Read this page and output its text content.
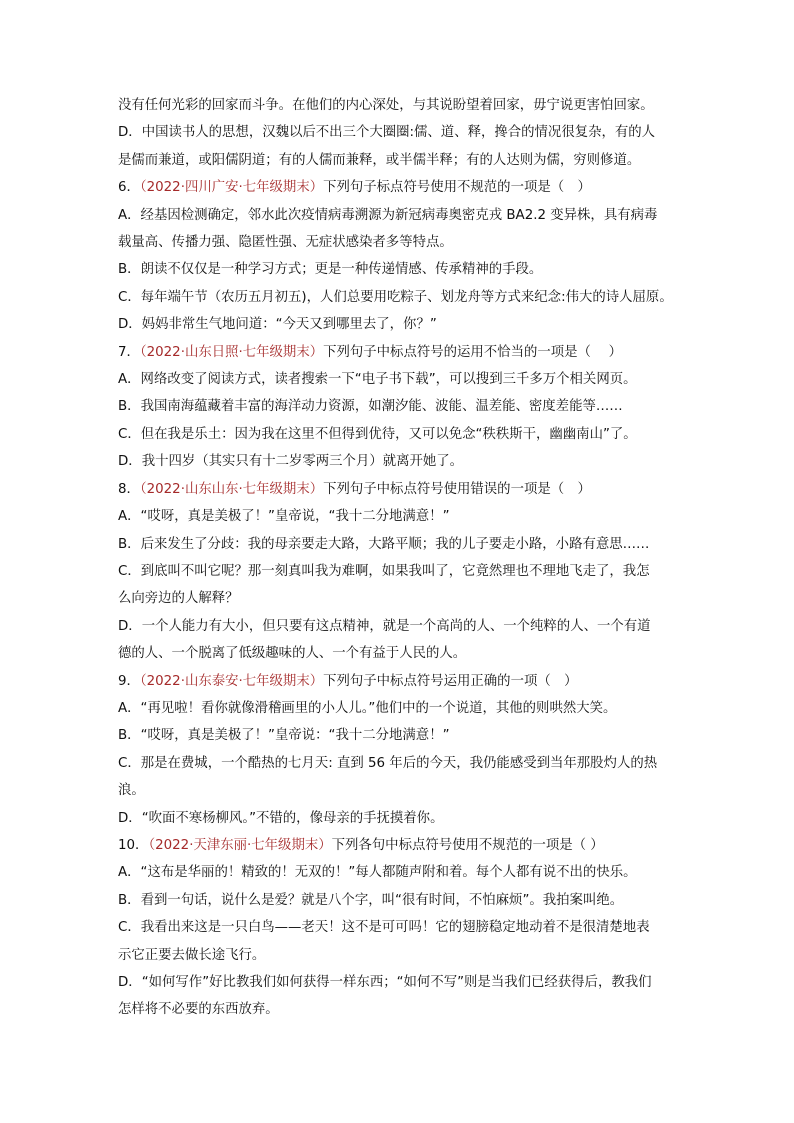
没有任何光彩的回家而斗争。在他们的内心深处，与其说盼望着回家，毋宁说更害怕回家。
D．中国读书人的思想，汉魏以后不出三个大圈圈:儒、道、释，搀合的情况很复杂，有的人
是儒而兼道，或阳儒阴道；有的人儒而兼释，或半儒半释；有的人达则为儒，穷则修道。
6．（2022·四川广安·七年级期末）下列句子标点符号使用不规范的一项是（　）
A．经基因检测确定，邻水此次疫情病毒溯源为新冠病毒奥密克戎 BA2.2 变异株，具有病毒
载量高、传播力强、隐匿性强、无症状感染者多等特点。
B．朗读不仅仅是一种学习方式；更是一种传递情感、传承精神的手段。
C．每年端午节（农历五月初五)，人们总要用吃粽子、划龙舟等方式来纪念:伟大的诗人屈原。
D．妈妈非常生气地问道：“今天又到哪里去了，你？”
7．（2022·山东日照·七年级期末）下列句子中标点符号的运用不恰当的一项是（　 ）
A．网络改变了阅读方式，读者搜索一下“电子书下载”，可以搜到三千多万个相关网页。
B．我国南海蕴藏着丰富的海洋动力资源，如潮汐能、波能、温差能、密度差能等……
C．但在我是乐土：因为我在这里不但得到优待，又可以免念“秩秩斯干，幽幽南山”了。
D．我十四岁（其实只有十二岁零两三个月）就离开她了。
8．（2022·山东山东·七年级期末）下列句子中标点符号使用错误的一项是（　）
A．“哎呀，真是美极了！”皇帝说，“我十二分地满意！”
B．后来发生了分歧：我的母亲要走大路，大路平顺；我的儿子要走小路，小路有意思……
C．到底叫不叫它呢？那一刻真叫我为难啊，如果我叫了，它竟然理也不理地飞走了，我怎
么向旁边的人解释？
D．一个人能力有大小，但只要有这点精神，就是一个高尚的人、一个纯粹的人、一个有道
德的人、一个脱离了低级趣味的人、一个有益于人民的人。
9．（2022·山东泰安·七年级期末）下列句子中标点符号运用正确的一项（　）
A．“再见啦！看你就像滑稽画里的小人儿。”他们中的一个说道，其他的则哄然大笑。
B．“哎呀，真是美极了！”皇帝说：“我十二分地满意！”
C．那是在费城，一个酷热的七月天: 直到 56 年后的今天，我仍能感受到当年那股灼人的热
浪。
D．“吹面不寒杨柳风。”不错的，像母亲的手抚摸着你。
10．（2022·天津东丽·七年级期末）下列各句中标点符号使用不规范的一项是（ ）
A．“这布是华丽的！精致的！无双的！”每人都随声附和着。每个人都有说不出的快乐。
B．看到一句话，说什么是爱？就是八个字，叫“很有时间，不怕麻烦”。我拍案叫绝。
C．我看出来这是一只白鸟——老天！这不是可可吗！它的翅膀稳定地动着不是很清楚地表
示它正要去做长途飞行。
D．“如何写作”好比教我们如何获得一样东西；“如何不写”则是当我们已经获得后，教我们
怎样将不必要的东西放弃。
